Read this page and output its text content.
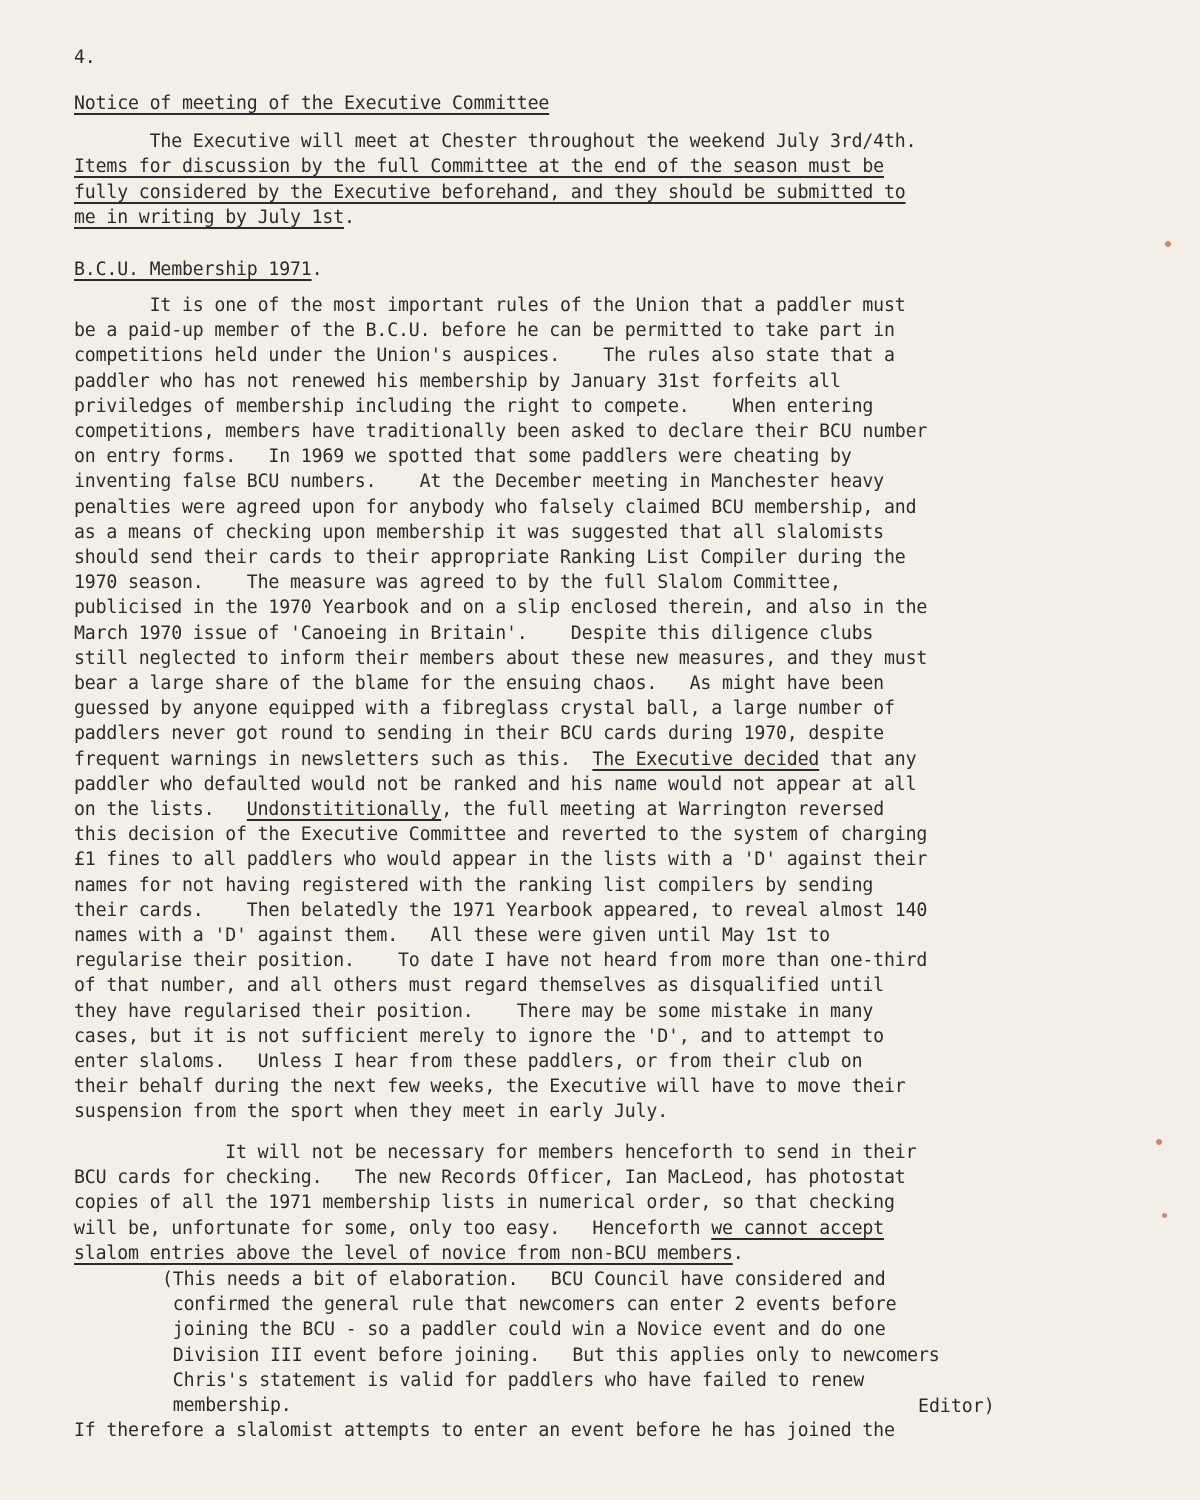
4.
Notice of meeting of the Executive Committee
The Executive will meet at Chester throughout the weekend July 3rd/4th.
Items for discussion by the full Committee at the end of the season must be
fully considered by the Executive beforehand, and they should be submitted to
me in writing by July 1st.
B.C.U. Membership 1971.
It is one of the most important rules of the Union that a paddler must
be a paid-up member of the B.C.U. before he can be permitted to take part in
competitions held under the Union's auspices.    The rules also state that a
paddler who has not renewed his membership by January 31st forfeits all
priviledges of membership including the right to compete.    When entering
competitions, members have traditionally been asked to declare their BCU number
on entry forms.   In 1969 we spotted that some paddlers were cheating by
inventing false BCU numbers.    At the December meeting in Manchester heavy
penalties were agreed upon for anybody who falsely claimed BCU membership, and
as a means of checking upon membership it was suggested that all slalomists
should send their cards to their appropriate Ranking List Compiler during the
1970 season.    The measure was agreed to by the full Slalom Committee,
publicised in the 1970 Yearbook and on a slip enclosed therein, and also in the
March 1970 issue of 'Canoeing in Britain'.    Despite this diligence clubs
still neglected to inform their members about these new measures, and they must
bear a large share of the blame for the ensuing chaos.   As might have been
guessed by anyone equipped with a fibreglass crystal ball, a large number of
paddlers never got round to sending in their BCU cards during 1970, despite
frequent warnings in newsletters such as this.  The Executive decided that any
paddler who defaulted would not be ranked and his name would not appear at all
on the lists.   Undonstititionally, the full meeting at Warrington reversed
this decision of the Executive Committee and reverted to the system of charging
£1 fines to all paddlers who would appear in the lists with a 'D' against their
names for not having registered with the ranking list compilers by sending
their cards.    Then belatedly the 1971 Yearbook appeared, to reveal almost 140
names with a 'D' against them.   All these were given until May 1st to
regularise their position.    To date I have not heard from more than one-third
of that number, and all others must regard themselves as disqualified until
they have regularised their position.    There may be some mistake in many
cases, but it is not sufficient merely to ignore the 'D', and to attempt to
enter slaloms.   Unless I hear from these paddlers, or from their club on
their behalf during the next few weeks, the Executive will have to move their
suspension from the sport when they meet in early July.
It will not be necessary for members henceforth to send in their
BCU cards for checking.   The new Records Officer, Ian MacLeod, has photostat
copies of all the 1971 membership lists in numerical order, so that checking
will be, unfortunate for some, only too easy.   Henceforth we cannot accept
slalom entries above the level of novice from non-BCU members.
(This needs a bit of elaboration.   BCU Council have considered and
confirmed the general rule that newcomers can enter 2 events before
joining the BCU - so a paddler could win a Novice event and do one
Division III event before joining.   But this applies only to newcomers
Chris's statement is valid for paddlers who have failed to renew
membership.	Editor)
If therefore a slalomist attempts to enter an event before he has joined the
